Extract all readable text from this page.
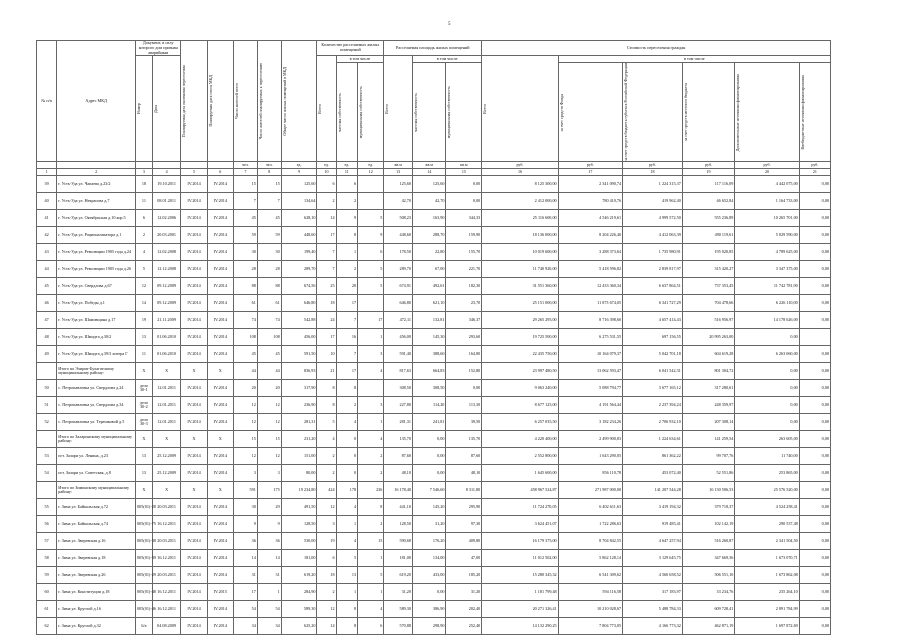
5
№ п/п	Адрес МКД	Документ, в силу которого дом признан аварийным		Планируемая дата окончания переселения	Планируемая дата сноса МКД	Число жителей всего	Число жителей планируемых к переселению	Общее число жилых помещений в МКД	Количество расселяемых жилых помещений			Расселяемая площадь жилых помещений			Стоимость переселения граждан					

		Номер	Дата						Всего	в том числе		Всего	в том числе		Всего	в том числе				

										частная собственность	муниципальная собственность		частная собственность	муниципальная собственность		за счет средств Фонда	за счет средств бюджета субъекта Российской Федерации	за счет средств местного бюджета	Дополнительные источники финансирования	Внебюджетные источники финансирования

						чел.	чел.	ед.	ед.	ед.	ед.	кв.м	кв.м	кв.м	руб.	руб.	руб.	руб.	руб.	руб.
1	2	3	4	5	6	7	8	9	10	11	12	13	14	15	16	17	18	19	20	21
39	г. Усть-Уда ул. Чапаева д.23/2	18	19.10.2011	IV.2014	IV.2014	15	15	125,60	6	6		125,60	125,60	0,00	8 125 300,00	2 341 090,74	1 224 315,37	117 116,09	4 442 075,00	0,00
40	г. Усть-Уда ул. Некрасова д.7	11	08.01.2011	IV.2014	IV.2014	7	7	134,64	2	2		42,70	42,70	0,00	2 412 000,00	780 410,76	419 962,40	46 652,84	1 164 733,00	0,00
41	г. Усть-Уда ул. Октябрьская д.10 кор.5	6	12.02.2006	IV.2014	IV.2014	45	45	628,10	14	9	5	508,23	163,90	344,33	25 116 600,00	4 546 219,61	4 999 572,50	555 236,89	10 265 701,00	0,00
42	г. Усть-Уда ул. Рационализатора д.1	2	20.03.2001	IV.2014	IV.2014	59	59	448,60	17	8	9	448,60	288,70	159,90	18 136 000,00	8 204 226,40	4 412 063,39	490 119,61	5 029 590,00	0,00
43	г. Усть-Уда ул. Революции 1905 года д.24	4	12.02.2008	IV.2014	IV.2014	30	30	199,40	7	1	6	178,50	22,80	155,70	10 019 600,00	3 288 373,64	1 735 980,91	195 020,85	4 789 625,00	0,00
44	г. Усть-Уда ул. Революции 1905 года д.26	5	12.12.2008	IV.2014	IV.2014	28	28	289,70	7	2	5	289,70	67,00	221,70	11 740 920,00	5 418 596,82	2 839 817,97	315 420,27	3 347 375,00	0,00
45	г. Усть-Уда ул. Свердлова д.67	12	09.12.2009	IV.2014	IV.2014	88	88	674,56	25	20	5	674,91	492,61	182,30	31 551 360,00	12 433 360,34	6 637 864,51	737 353,45	11 742 781,90	0,00
46	г. Усть-Уда ул. Победы д.1	14	09.12.2009	IV.2014	IV.2014	61	61	646,80	18	17		646,80	621,10	23,70	25 151 000,00	11 873 674,05	6 341 727,29	704 478,66	6 226 110,00	0,00
47	г. Усть-Уда ул. Шамовщина д.17	19	21.11.2009	IV.2014	IV.2014	74	74	542,88	24	7	17	472,11	132,81	346,37	29 265 295,00	8 716 398,60	4 657 414,43	516 956,97	14 178 626,00	0,00
48	г. Усть-Уда ул. Шмидта д.30/2	13	01.06.2010	IV.2014	IV.2014	108	108	456,00	17	16	1	456,00	145,30	293,60	19 725 500,00	6 275 531,55	697 156,55	20 995 263,00	0,00	
49	г. Усть-Уда ул. Шмидта д.39/3 литера Г	11	01.06.2010	IV.2014	IV.2014	45	45	591,50	10	7	3	591,40	388,60	164,80	22 435 750,00	10 164 079,37	5 042 701,18	604 619,28	6 263 060,00	0,00
	Итого по Эхирит-Булагатскому муниципальному району:	X	X	X	X	44	44	836,93	21	17	4	817,63	664,83	152,80	23 997 480,50	13 062 593,47	6 041 542,31	801 304,72	0,00	0,00
50	с. Петропавловка ул. Свердлова д.24	дело 30-1	12.01.2011	IV.2014	IV.2014	20	20	317,90	8	8		308,50	308,50	0,00	9 063 240,00	5 088 794,77	3 677 165,12	317 280,61	0,00	0,00
51	с. Петропавловка ул. Свердлова д.34	дело 30-2	12.01.2011	IV.2014	IV.2014	12	12	236,90	8	2	3	227,80	114,20	113,30	8 677 125,00	4 191 564,44	2 237 394,24	248 359,97	0,00	0,00
52	с. Петропавловка ул. Терешковой д.5	дело 30-3	12.01.2011	IV.2014	IV.2014	12	12	281,31	5	4	1	281,31	241,81	39,50	6 257 035,50	3 182 234,26	2 706 932,10	207 308,14	0,00	0,00
	Итого по Заларинскому муниципальному району:	X	X	X	X	15	15	231,20	4	0	4	135,70	0,00	135,70	4 220 400,00	2 499 900,83	1 224 634,61	141 259,54	263 605,00	0,00
53	пгт. Залари ул. Ленина, д.23	13	25.12.2009	IV.2014	IV.2014	12	12	151,00	2	0	2	87,60	0,00	87,60	2 552 800,00	1 643 290,05	861 362,22	99 707,76	11 740,00	0,00
54	пгт. Залари ул. Советская, д.8	13	25.12.2009	IV.2014	IV.2014	3	3	80,00	2	0	2	48,10	0,00	48,10	1 645 600,00	856 110,78	453 072,40	52 551,86	253 865,00	0,00
	Итого по Зиминскому муниципальному району:	X	X	X	X	591	175	19 234,80	424	178	236	16 178,40	7 546,60	8 311,80	458 967 524,87	271 987 000,00	141 207 544,28	16 130 506,53	25 576 520,00	0,00
55	г. Зима ул. Байкальская д.72	005(01)-28	20.03.2011	IV.2014	IV.2014	30	29	491,50	12	4	8	441,10	145,20	295,90	11 724 270,05	6 402 611,63	3 419 194,32	379 718,37	4 524 258,41	0,00
56	г. Зима ул. Байкальская д.74	005(01)-75	16.12.2011	IV.2014	IV.2014	9	9	128,50	3	1	2	128,50	31,20	97,30	3 624 451,07	1 722 286,63	919 485,41	102 142,19	290 537,48	0,00
57	г. Зима ул. Зверевская д.16	005(01)-38	20.03.2011	IV.2014	IV.2014	36	36	530,00	19	4	15	590,68	176,20	409,80	16 179 375,00	8 704 842,55	4 647 257,94	516 260,87	2 341 504,50	0,00
58	г. Зима ул. Зверевская д.18	005(01)-39	16.12.2011	IV.2014	IV.2014	14	14	181,00	6	5	1	181,00	134,00	47,00	11 012 502,00	5 862 128,14	3 129 645,75	347 669,36	1 673 070,71	0,00
59	г. Зима ул. Зверевская д.26	005(01)-29	20.03.2011	IV.2014	IV.2014	31	31	619,20	18	13	5	619,20	433,00	185,20	15 280 345,32	6 541 309,62	4 560 658,52	506 551,10	1 673 862,08	0,00
60	г. Зима ул. Конституции д.18	005(01)-48	16.12.2011	IV.2014	IV.2015	17	1	284,90	2	1	1	31,20	0,00	31,20	1 181 799,48	594 116,58	317 183,97	33 234,76	235 264,10	0,00
61	г. Зима ул. Круглой д.16	005(01)-46	16.12.2011	IV.2014	IV.2014	54	54	589,30	12	8	4	589,30	386,90	202,40	20 271 326,41	10 210 028,67	5 488 784,33	609 728,41	2 891 784,99	0,00
62	г. Зима ул. Круглой д.32	6/а	04.08.2009	IV.2014	IV.2014	34	34	625,20	14	8	6	570,88	298,90	252,40	14 132 290,25	7 804 773,05	4 166 773,32	462 871,19	1 697 872,69	0,00
